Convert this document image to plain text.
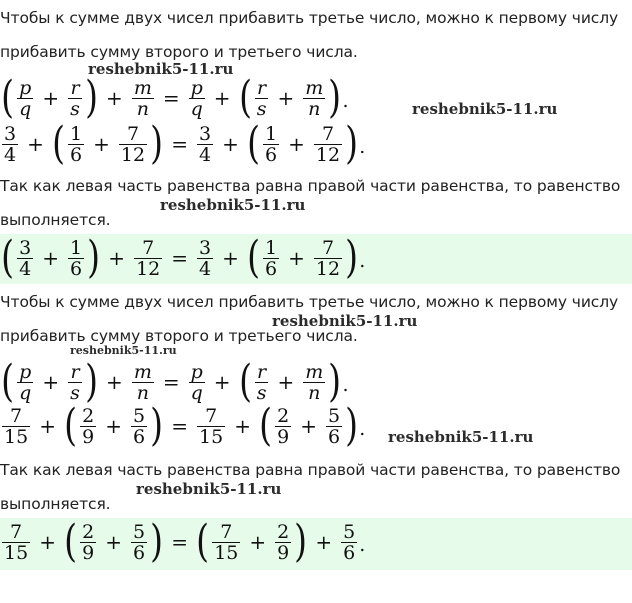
Чтобы к сумме двух чисел прибавить третье число, можно к первому числу
прибавить сумму второго и третьего числа.
reshebnik5-11.ru
( $\frac{p}{q} + \frac{r}{s}$ ) + $\frac{m}{n} = \frac{p}{q}$ + ( $\frac{r}{s} + \frac{m}{n}$ ) .	reshebnik5-11.ru
$\frac{3}{4}$ + ( $\frac{1}{6} + \frac{7}{12}$ ) = $\frac{3}{4}$ + ( $\frac{1}{6} + \frac{7}{12}$ ) .
Так как левая часть равенства равна правой части равенства, то равенство
reshebnik5-11.ru
выполняется.
( $\frac{3}{4} + \frac{1}{6}$ ) + $\frac{7}{12} = \frac{3}{4}$ + ( $\frac{1}{6} + \frac{7}{12}$ ) .
Чтобы к сумме двух чисел прибавить третье число, можно к первому числу
reshebnik5-11.ru
прибавить сумму второго и третьего числа.
reshebnik5-11.ru
( $\frac{p}{q} + \frac{r}{s}$ ) + $\frac{m}{n} = \frac{p}{q}$ + ( $\frac{r}{s} + \frac{m}{n}$ ) .
$\frac{7}{15}$ + ( $\frac{2}{9} + \frac{5}{6}$ ) = $\frac{7}{15}$ + ( $\frac{2}{9} + \frac{5}{6}$ ) . reshebnik5-11.ru
Так как левая часть равенства равна правой части равенства, то равенство
reshebnik5-11.ru
выполняется.
$\frac{7}{15}$ + ( $\frac{2}{9} + \frac{5}{6}$ ) = ( $\frac{7}{15} + \frac{2}{9}$ ) + $\frac{5}{6}$ .
